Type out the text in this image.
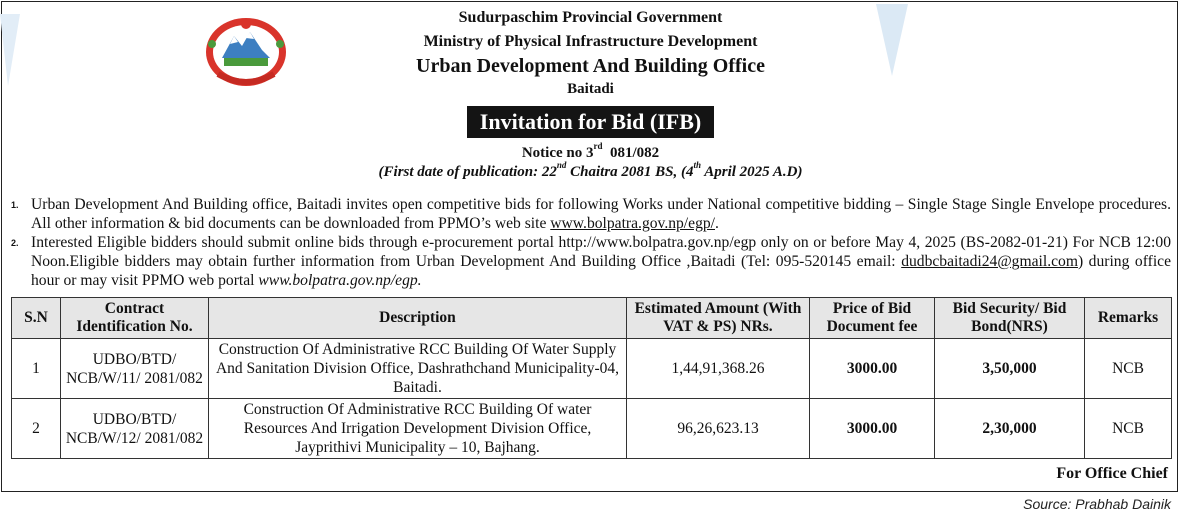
Sudurpaschim Provincial Government
Ministry of Physical Infrastructure Development
Urban Development And Building Office
Baitadi
Invitation for Bid (IFB)
Notice no 3rd 081/082
(First date of publication: 22nd Chaitra 2081 BS, (4th April 2025 A.D)
1. Urban Development And Building office, Baitadi invites open competitive bids for following Works under National competitive bidding – Single Stage Single Envelope procedures. All other information & bid documents can be downloaded from PPMO’s web site www.bolpatra.gov.np/egp/.
2. Interested Eligible bidders should submit online bids through e-procurement portal http://www.bolpatra.gov.np/egp only on or before May 4, 2025 (BS-2082-01-21) For NCB 12:00 Noon.Eligible bidders may obtain further information from Urban Development And Building Office ,Baitadi (Tel: 095-520145 email: dudbcbaitadi24@gmail.com) during office hour or may visit PPMO web portal www.bolpatra.gov.np/egp.
S.N	Contract Identification No.	Description	Estimated Amount (With VAT & PS) NRs.	Price of Bid Document fee	Bid Security/ Bid Bond(NRS)	Remarks
1	UDBO/BTD/ NCB/W/11/ 2081/082	Construction Of Administrative RCC Building Of Water Supply And Sanitation Division Office, Dashrathchand Municipality-04, Baitadi.	1,44,91,368.26	3000.00	3,50,000	NCB
2	UDBO/BTD/ NCB/W/12/ 2081/082	Construction Of Administrative RCC Building Of water Resources And Irrigation Development Division Office, Jayprithivi Municipality – 10, Bajhang.	96,26,623.13	3000.00	2,30,000	NCB
For Office Chief
Source: Prabhab Dainik
